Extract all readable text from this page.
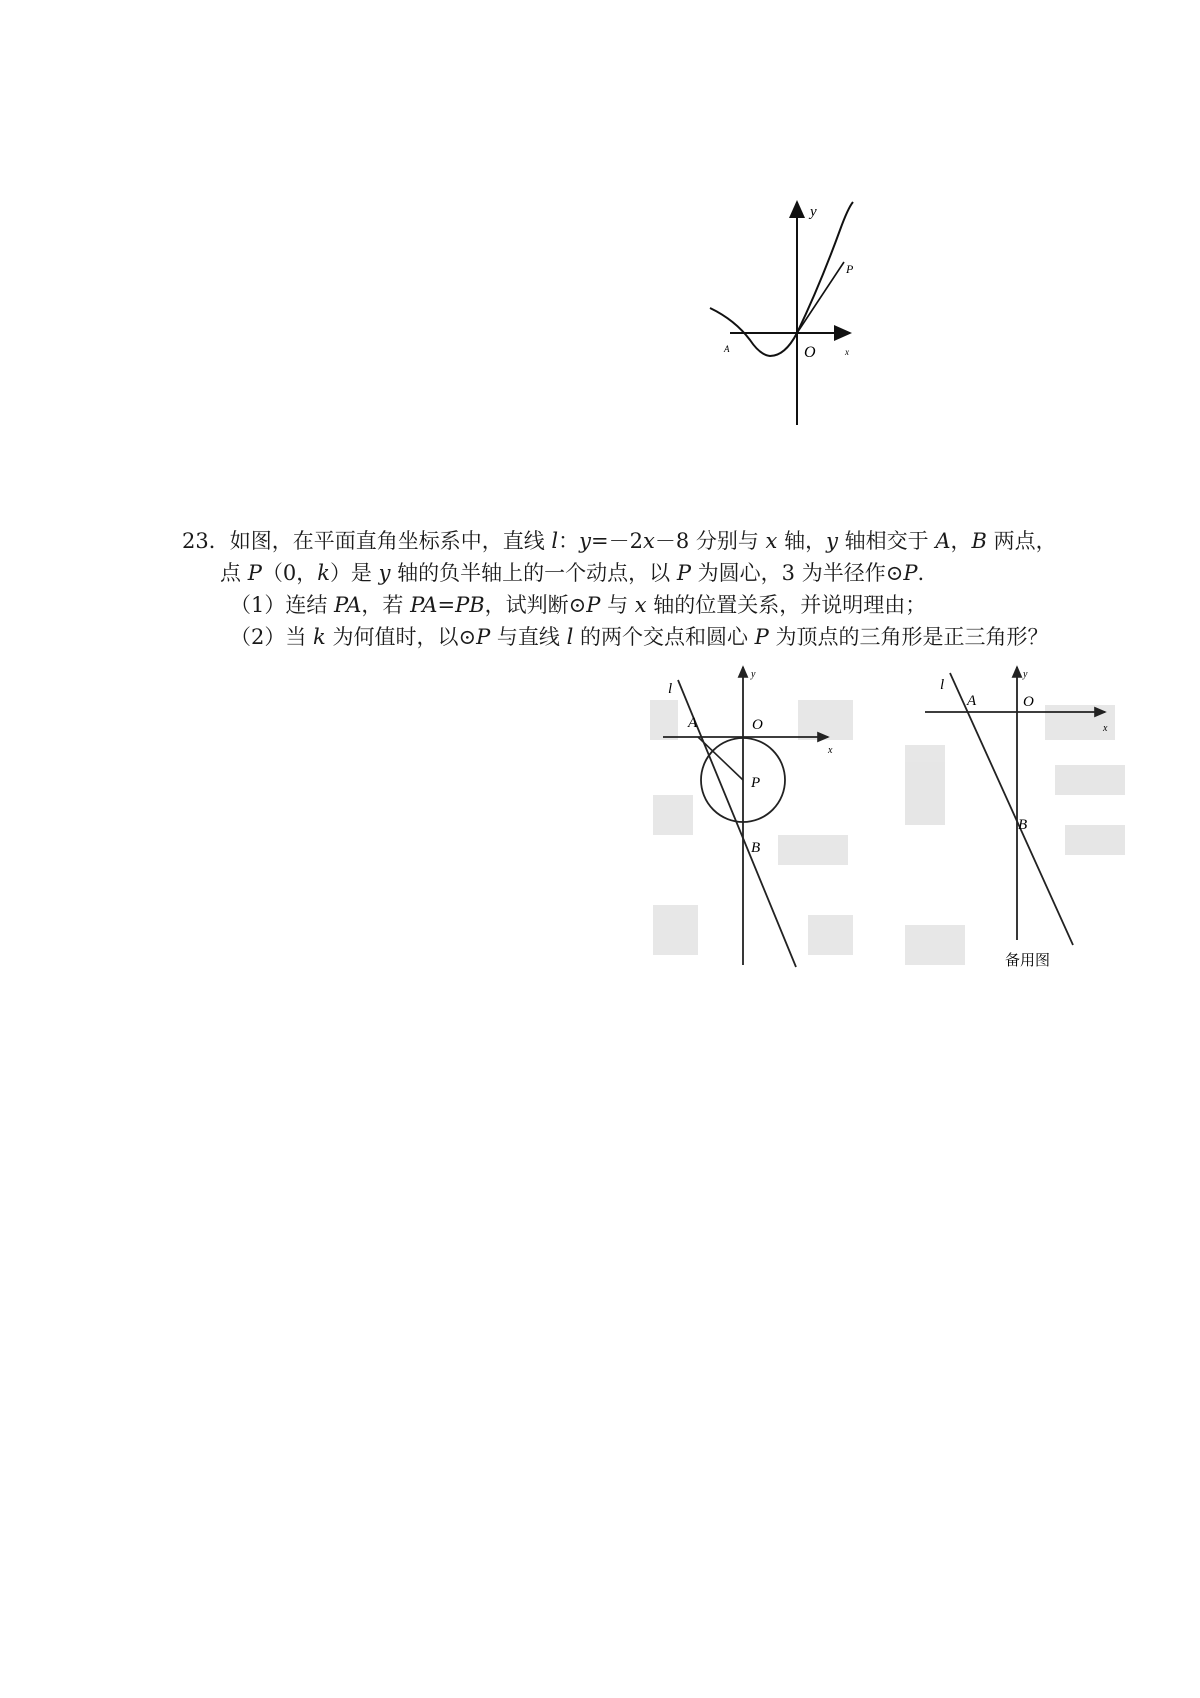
y
P
O	x
A
23．如图，在平面直角坐标系中，直线 l：y=－2x－8 分别与 x 轴，y 轴相交于 A，B 两点，
点 P（0，k）是 y 轴的负半轴上的一个动点，以 P 为圆心，3 为半径作⊙P.
（1）连结 PA，若 PA=PB，试判断⊙P 与 x 轴的位置关系，并说明理由；
（2）当 k 为何值时，以⊙P 与直线 l 的两个交点和圆心 P 为顶点的三角形是正三角形？
l
A	O
y
x
P
B
l
A	O
y
x
B
备用图
